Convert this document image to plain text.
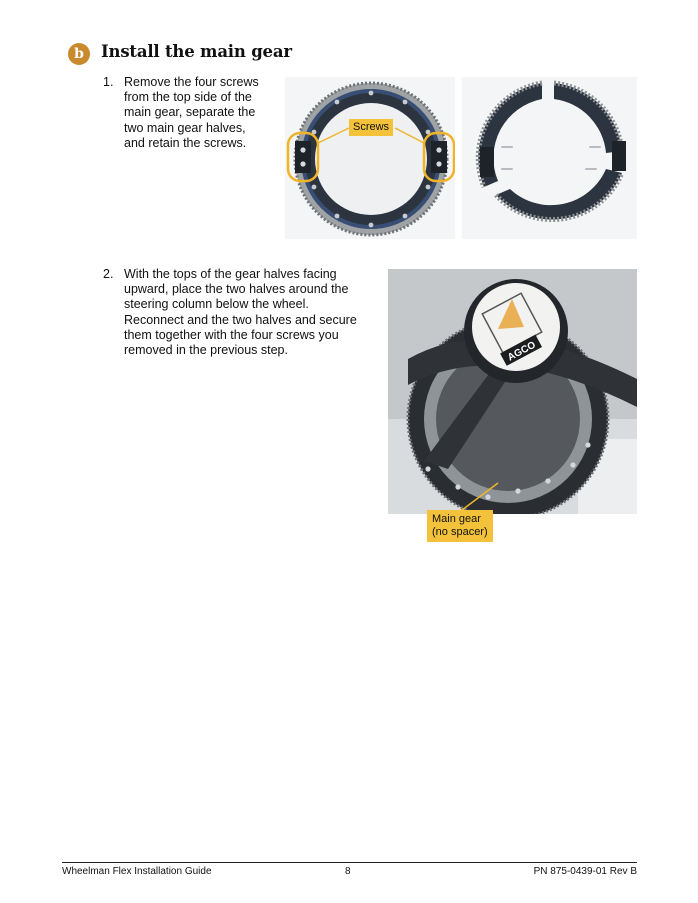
b	Install the main gear
1. Remove the four screws
from the top side of the
main gear, separate the
two main gear halves,
and retain the screws.
Screws
2. With the tops of the gear halves facing
upward, place the two halves around the
steering column below the wheel.
Reconnect and the two halves and secure
them together with the four screws you
removed in the previous step.	AGCO
Main gear
(no spacer)
Wheelman Flex Installation Guide	8	PN 875-0439-01 Rev B
